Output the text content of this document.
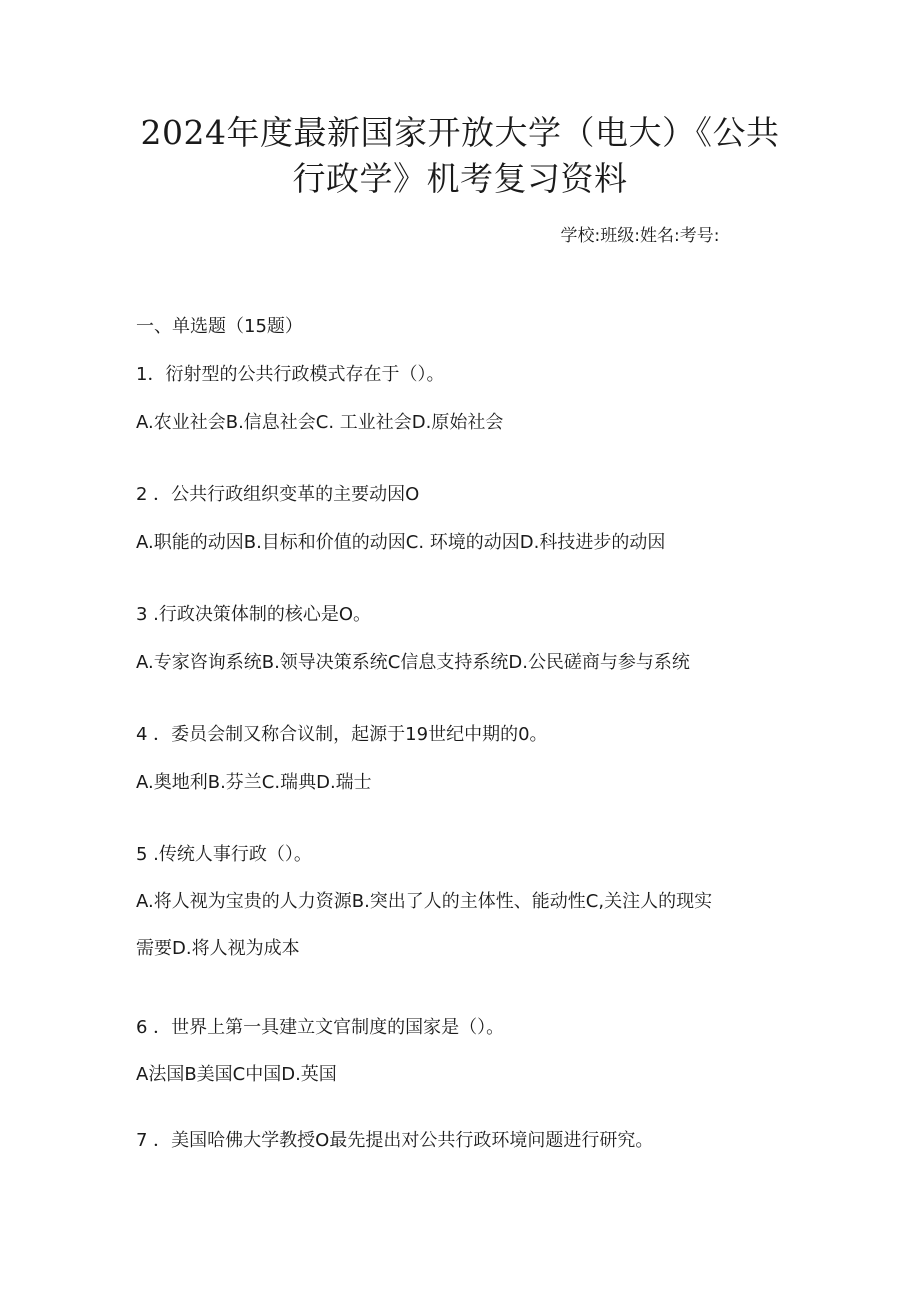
2024年度最新国家开放大学（电大）《公共
行政学》机考复习资料
学校:班级:姓名:考号:

一、单选题（15题）

1．衍射型的公共行政模式存在于（）。

A.农业社会B.信息社会C. 工业社会D.原始社会

2 ．公共行政组织变革的主要动因O

A.职能的动因B.目标和价值的动因C. 环境的动因D.科技进步的动因

3 .行政决策体制的核心是O。

A.专家咨询系统B.领导决策系统C信息支持系统D.公民磋商与参与系统

4 ．委员会制又称合议制，起源于19世纪中期的0。

A.奥地利B.芬兰C.瑞典D.瑞士

5 .传统人事行政（）。

A.将人视为宝贵的人力资源B.突出了人的主体性、能动性C,关注人的现实

需要D.将人视为成本

6 ．世界上第一具建立文官制度的国家是（）。

A法国B美国C中国D.英国

7 ．美国哈佛大学教授O最先提出对公共行政环境问题进行研究。
